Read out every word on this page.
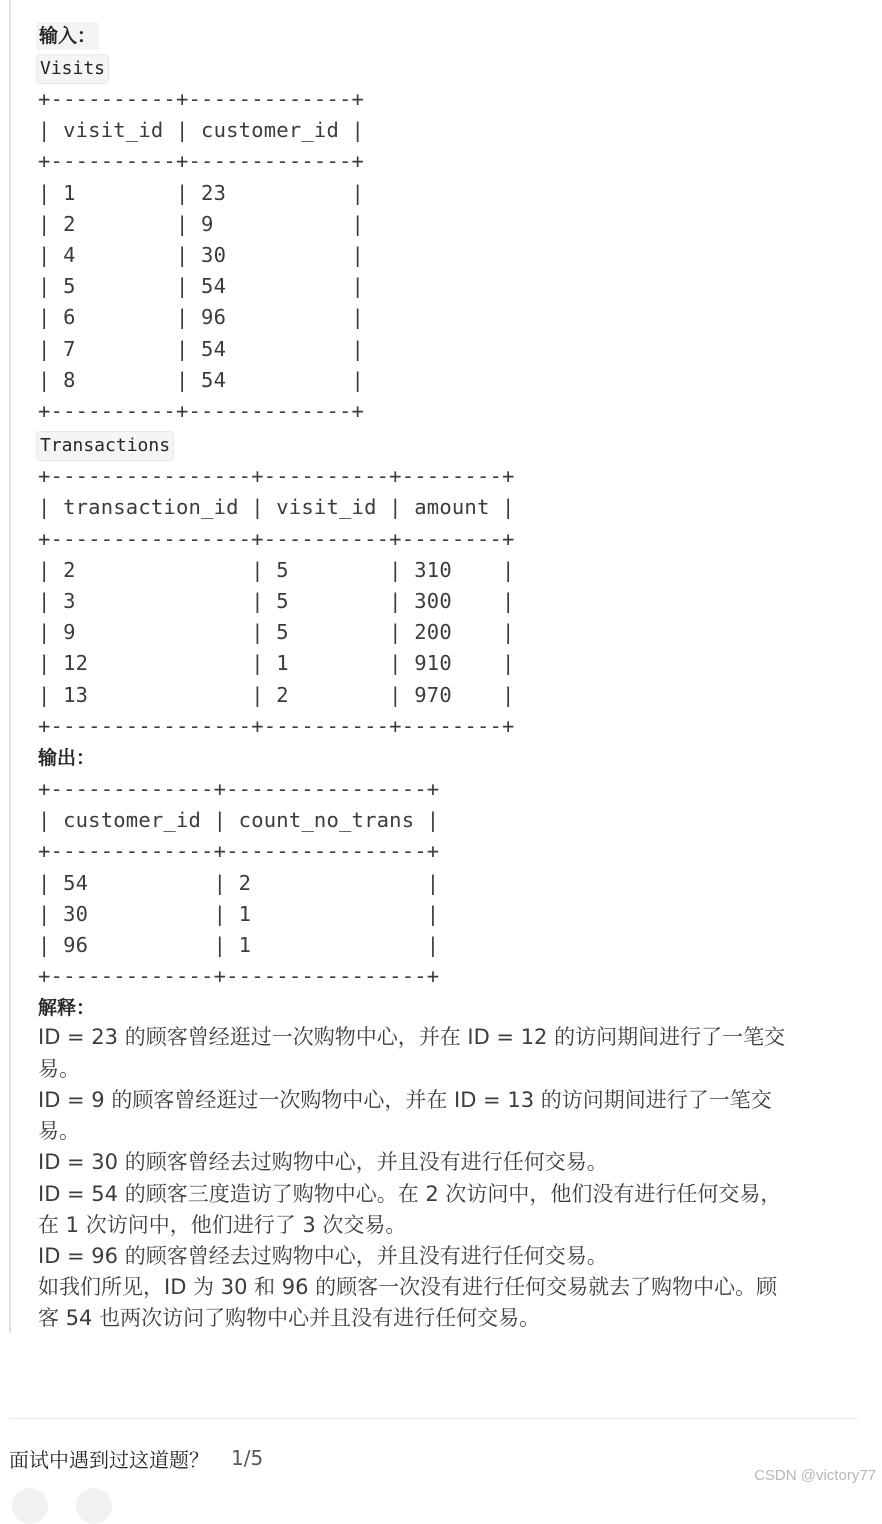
输入：
Visits
+----------+-------------+
| visit_id | customer_id |
+----------+-------------+
| 1        | 23          |
| 2        | 9           |
| 4        | 30          |
| 5        | 54          |
| 6        | 96          |
| 7        | 54          |
| 8        | 54          |
+----------+-------------+
Transactions
+----------------+----------+--------+
| transaction_id | visit_id | amount |
+----------------+----------+--------+
| 2              | 5        | 310    |
| 3              | 5        | 300    |
| 9              | 5        | 200    |
| 12             | 1        | 910    |
| 13             | 2        | 970    |
+----------------+----------+--------+
输出：
+-------------+----------------+
| customer_id | count_no_trans |
+-------------+----------------+
| 54          | 2              |
| 30          | 1              |
| 96          | 1              |
+-------------+----------------+
解释：
ID = 23 的顾客曾经逛过一次购物中心，并在 ID = 12 的访问期间进行了一笔交
易。
ID = 9 的顾客曾经逛过一次购物中心，并在 ID = 13 的访问期间进行了一笔交
易。
ID = 30 的顾客曾经去过购物中心，并且没有进行任何交易。
ID = 54 的顾客三度造访了购物中心。在 2 次访问中，他们没有进行任何交易，
在 1 次访问中，他们进行了 3 次交易。
ID = 96 的顾客曾经去过购物中心，并且没有进行任何交易。
如我们所见，ID 为 30 和 96 的顾客一次没有进行任何交易就去了购物中心。顾
客 54 也两次访问了购物中心并且没有进行任何交易。
面试中遇到过这道题？ 1/5
CSDN @victory77
